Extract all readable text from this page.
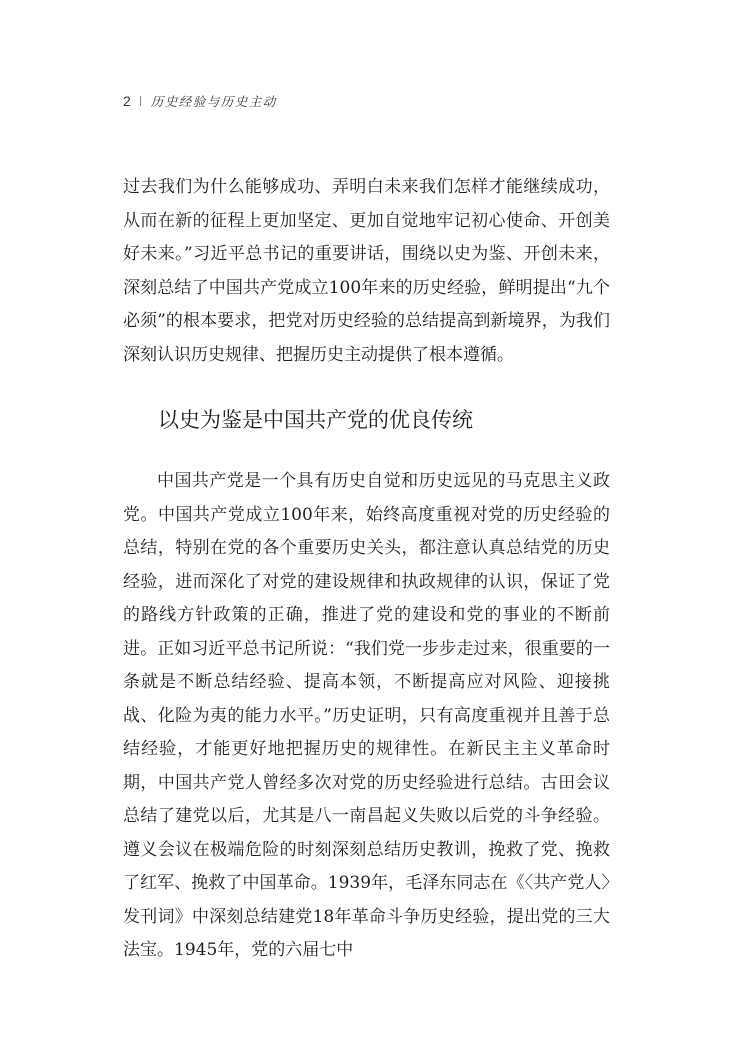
2 历史经验与历史主动

过去我们为什么能够成功、弄明白未来我们怎样才能继续成功，从而在新的征程上更加坚定、更加自觉地牢记初心使命、开创美好未来。”习近平总书记的重要讲话，围绕以史为鉴、开创未来，深刻总结了中国共产党成立100年来的历史经验，鲜明提出“九个必须”的根本要求，把党对历史经验的总结提高到新境界，为我们深刻认识历史规律、把握历史主动提供了根本遵循。

以史为鉴是中国共产党的优良传统

中国共产党是一个具有历史自觉和历史远见的马克思主义政党。中国共产党成立100年来，始终高度重视对党的历史经验的总结，特别在党的各个重要历史关头，都注意认真总结党的历史经验，进而深化了对党的建设规律和执政规律的认识，保证了党的路线方针政策的正确，推进了党的建设和党的事业的不断前进。正如习近平总书记所说：“我们党一步步走过来，很重要的一条就是不断总结经验、提高本领，不断提高应对风险、迎接挑战、化险为夷的能力水平。”历史证明，只有高度重视并且善于总结经验，才能更好地把握历史的规律性。在新民主主义革命时期，中国共产党人曾经多次对党的历史经验进行总结。古田会议总结了建党以后，尤其是八一南昌起义失败以后党的斗争经验。遵义会议在极端危险的时刻深刻总结历史教训，挽救了党、挽救了红军、挽救了中国革命。1939年，毛泽东同志在《〈共产党人〉发刊词》中深刻总结建党18年革命斗争历史经验，提出党的三大法宝。1945年，党的六届七中
